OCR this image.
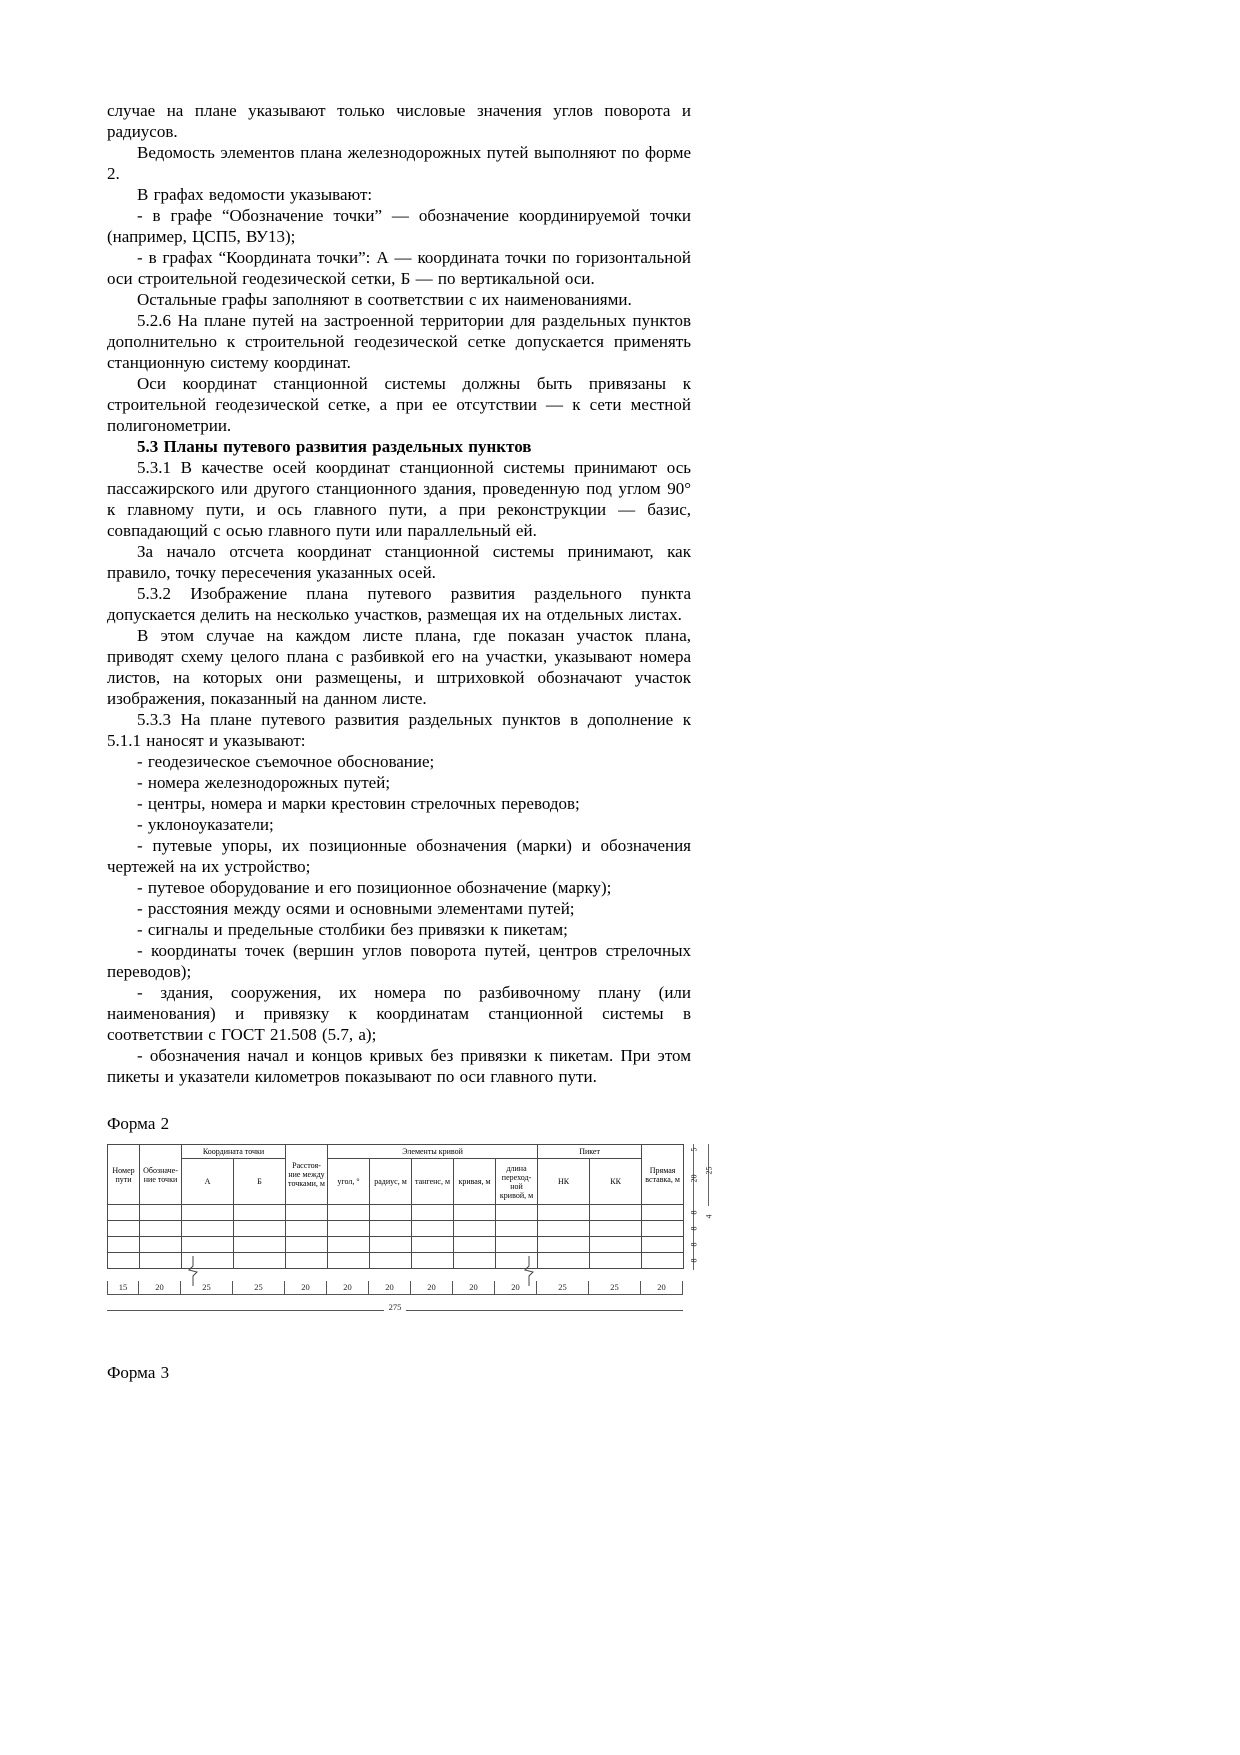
случае на плане указывают только числовые значения углов поворота и радиусов.

Ведомость элементов плана железнодорожных путей выполняют по форме 2.

В графах ведомости указывают:

- в графе “Обозначение точки” — обозначение координируемой точки (например, ЦСП5, ВУ13);

- в графах “Координата точки”: А — координата точки по горизонтальной оси строительной геодезической сетки, Б — по вертикальной оси.

Остальные графы заполняют в соответствии с их наименованиями.

5.2.6 На плане путей на застроенной территории для раздельных пунктов дополнительно к строительной геодезической сетке допускается применять станционную систему координат.

Оси координат станционной системы должны быть привязаны к строительной геодезической сетке, а при ее отсутствии — к сети местной полигонометрии.

5.3 Планы путевого развития раздельных пунктов

5.3.1 В качестве осей координат станционной системы принимают ось пассажирского или другого станционного здания, проведенную под углом 90° к главному пути, и ось главного пути, а при реконструкции — базис, совпадающий с осью главного пути или параллельный ей.

За начало отсчета координат станционной системы принимают, как правило, точку пересечения указанных осей.

5.3.2 Изображение плана путевого развития раздельного пункта допускается делить на несколько участков, размещая их на отдельных листах.

В этом случае на каждом листе плана, где показан участок плана, приводят схему целого плана с разбивкой его на участки, указывают номера листов, на которых они размещены, и штриховкой обозначают участок изображения, показанный на данном листе.

5.3.3 На плане путевого развития раздельных пунктов в дополнение к 5.1.1 наносят и указывают:

- геодезическое съемочное обоснование;

- номера железнодорожных путей;

- центры, номера и марки крестовин стрелочных переводов;

- уклоноуказатели;

- путевые упоры, их позиционные обозначения (марки) и обозначения чертежей на их устройство;

- путевое оборудование и его позиционное обозначение (марку);

- расстояния между осями и основными элементами путей;

- сигналы и предельные столбики без привязки к пикетам;

- координаты точек (вершин углов поворота путей, центров стрелочных переводов);

- здания, сооружения, их номера по разбивочному плану (или наименования) и привязку к координатам станционной системы в соответствии с ГОСТ 21.508 (5.7, а);

- обозначения начал и концов кривых без привязки к пикетам. При этом пикеты и указатели километров показывают по оси главного пути.

Форма 2

Номер пути	Обозначе-ние точки	Координата точки		Расстоя-ние между точками, м	Элементы кривой					Пикет		Прямая вставка, м
		А	Б		угол, °	радиус, м	тангенс, м	кривая, м	длина переход-ной кривой, м	НК	КК	

15	20	25	25	20	20	20	20	20	20	25	25	20
275
5
20
25
8
4
8
8
8

Форма 3
